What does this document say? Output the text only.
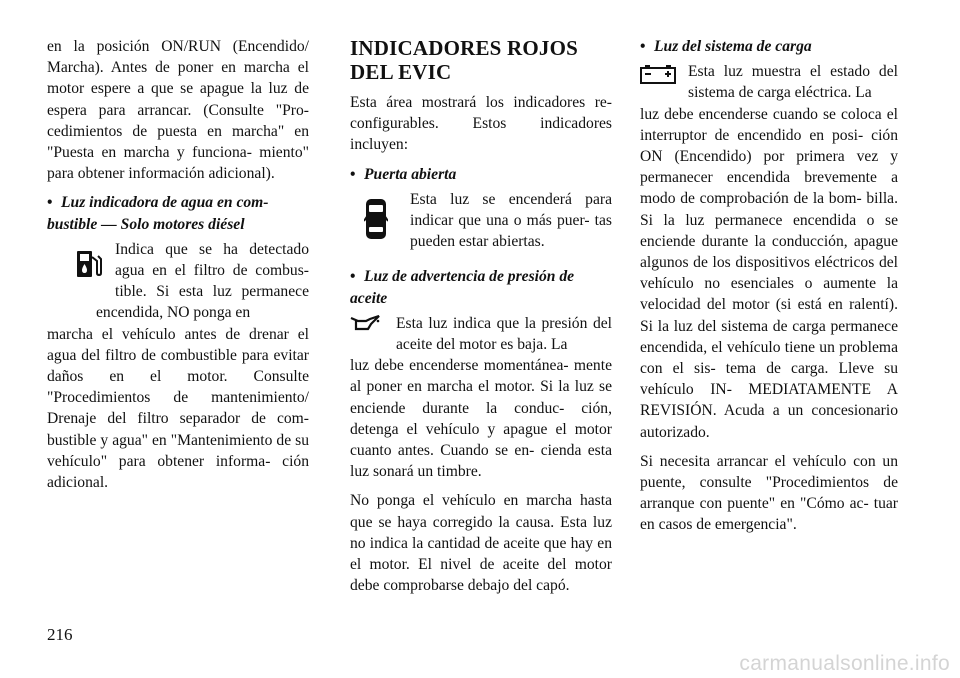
en la posición ON/RUN (Encendido/ Marcha). Antes de poner en marcha el motor espere a que se apague la luz de espera para arrancar. (Consulte "Pro- cedimientos de puesta en marcha" en "Puesta en marcha y funciona- miento" para obtener información adicional).

• Luz indicadora de agua en com- bustible — Solo motores diésel

Indica que se ha detectado agua en el filtro de combus- tible. Si esta luz permanece encendida, NO ponga en

marcha el vehículo antes de drenar el agua del filtro de combustible para evitar daños en el motor. Consulte "Procedimientos de mantenimiento/ Drenaje del filtro separador de com- bustible y agua" en "Mantenimiento de su vehículo" para obtener informa- ción adicional.

INDICADORES ROJOS DEL EVIC

Esta área mostrará los indicadores re- configurables. Estos indicadores incluyen:

• Puerta abierta

Esta luz se encenderá para indicar que una o más puer- tas pueden estar abiertas.

• Luz de advertencia de presión de aceite

Esta luz indica que la presión del aceite del motor es baja. La

luz debe encenderse momentánea- mente al poner en marcha el motor. Si la luz se enciende durante la conduc- ción, detenga el vehículo y apague el motor cuanto antes. Cuando se en- cienda esta luz sonará un timbre.

No ponga el vehículo en marcha hasta que se haya corregido la causa. Esta luz no indica la cantidad de aceite que hay en el motor. El nivel de aceite del motor debe comprobarse debajo del capó.

• Luz del sistema de carga

Esta luz muestra el estado del sistema de carga eléctrica. La

luz debe encenderse cuando se coloca el interruptor de encendido en posi- ción ON (Encendido) por primera vez y permanecer encendida brevemente a modo de comprobación de la bom- billa. Si la luz permanece encendida o se enciende durante la conducción, apague algunos de los dispositivos eléctricos del vehículo no esenciales o aumente la velocidad del motor (si está en ralentí). Si la luz del sistema de carga permanece encendida, el vehículo tiene un problema con el sis- tema de carga. Lleve su vehículo IN- MEDIATAMENTE A REVISIÓN. Acuda a un concesionario autorizado.

Si necesita arrancar el vehículo con un puente, consulte "Procedimientos de arranque con puente" en "Cómo ac- tuar en casos de emergencia".

216
carmanualsonline.info
